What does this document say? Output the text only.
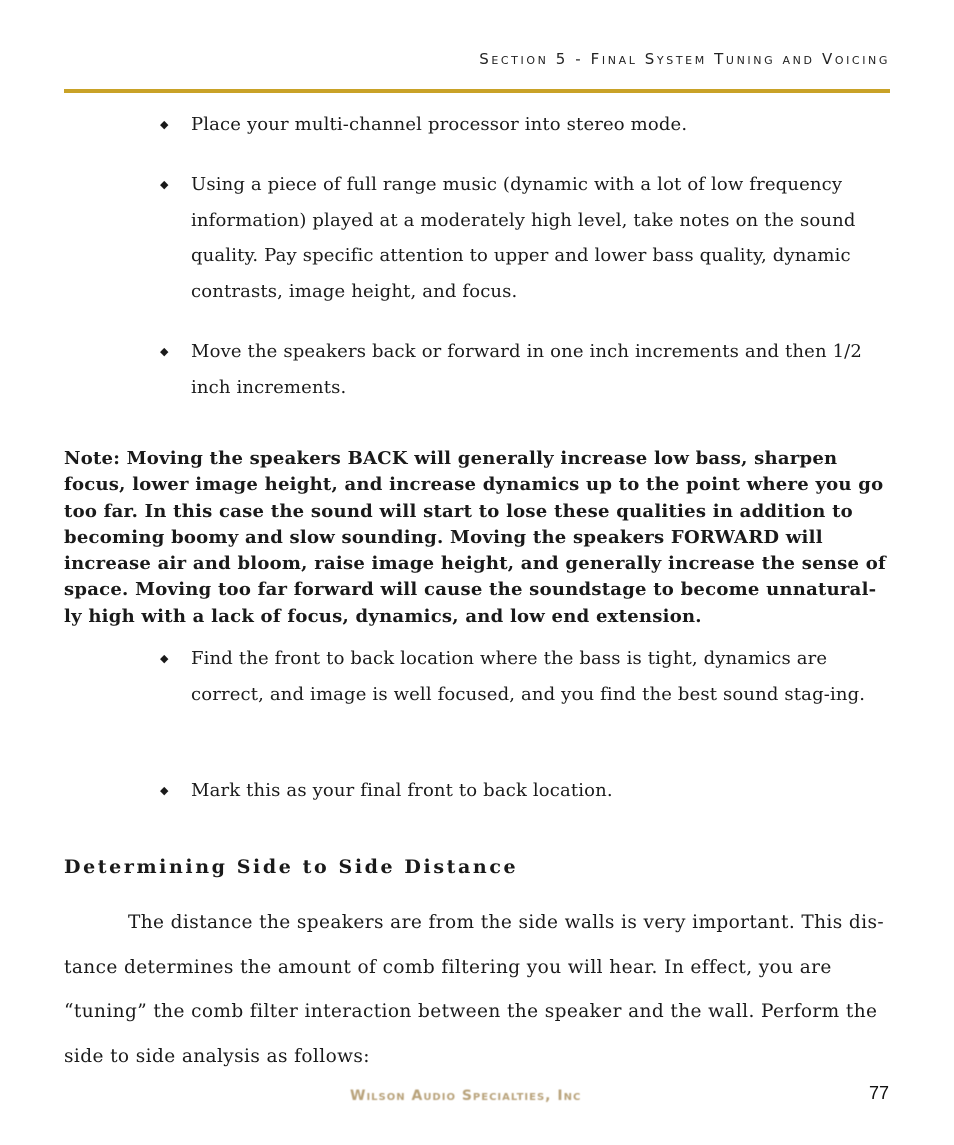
Section 5 - Final System Tuning and Voicing
◆ Place your multi-channel processor into stereo mode.
◆ Using a piece of full range music (dynamic with a lot of low frequency information) played at a moderately high level, take notes on the sound quality. Pay specific attention to upper and lower bass quality, dynamic contrasts, image height, and focus.
◆ Move the speakers back or forward in one inch increments and then 1/2 inch increments.
Note: Moving the speakers BACK will generally increase low bass, sharpen focus, lower image height, and increase dynamics up to the point where you go too far. In this case the sound will start to lose these qualities in addition to becoming boomy and slow sounding. Moving the speakers FORWARD will increase air and bloom, raise image height, and generally increase the sense of space. Moving too far forward will cause the soundstage to become unnatural-ly high with a lack of focus, dynamics, and low end extension.
◆ Find the front to back location where the bass is tight, dynamics are correct, and image is well focused, and you find the best sound stag-ing.
◆ Mark this as your final front to back location.
Determining Side to Side Distance
The distance the speakers are from the side walls is very important. This dis-tance determines the amount of comb filtering you will hear. In effect, you are “tuning” the comb filter interaction between the speaker and the wall. Perform the side to side analysis as follows:
Wilson Audio Specialties, Inc	77
